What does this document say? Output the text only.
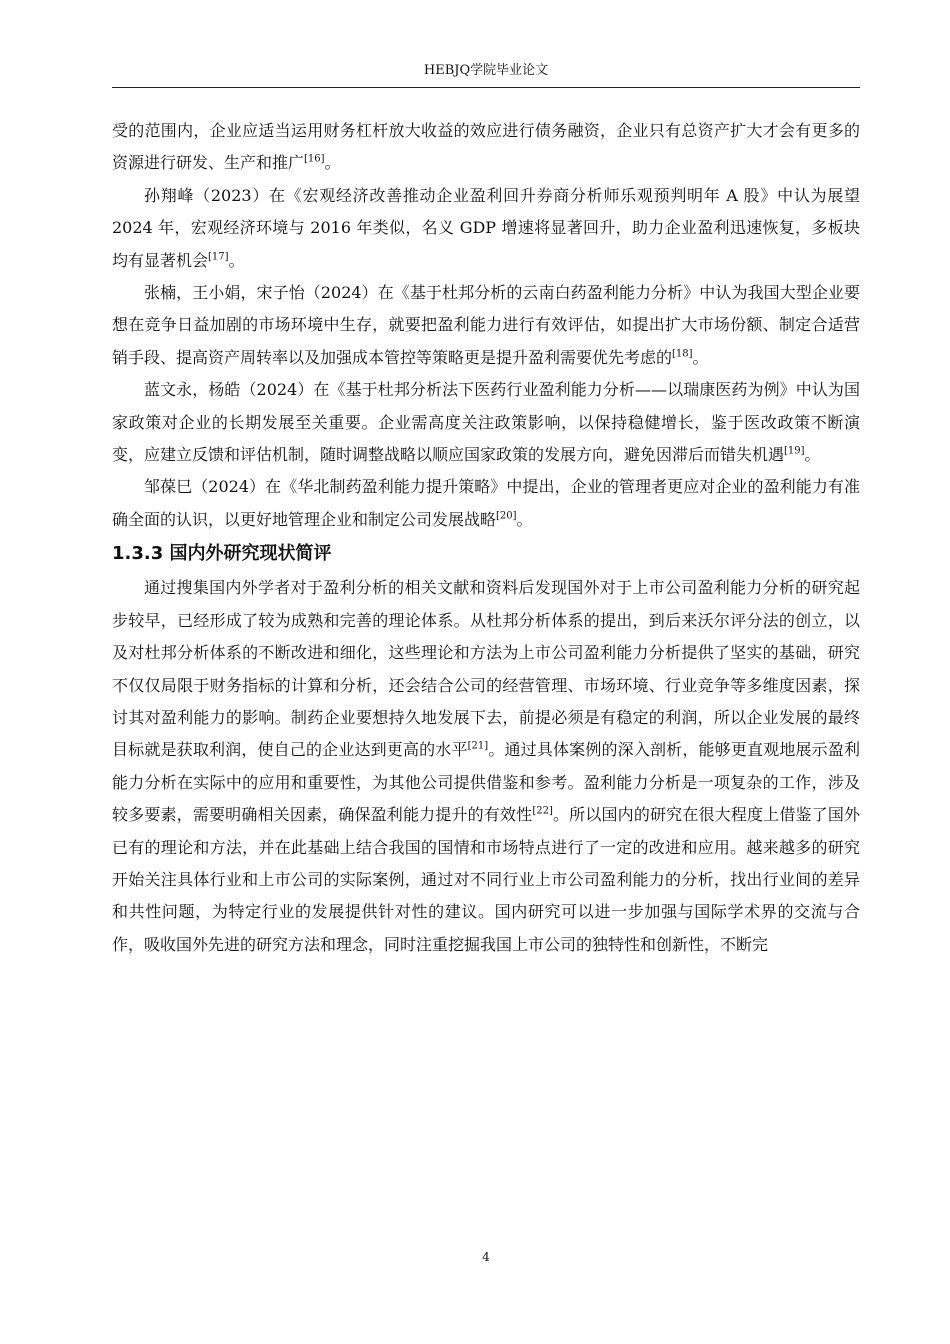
HEBJQ学院毕业论文

受的范围内，企业应适当运用财务杠杆放大收益的效应进行债务融资，企业只有总资产扩大才会有更多的资源进行研发、生产和推广[16]。

孙翔峰（2023）在《宏观经济改善推动企业盈利回升券商分析师乐观预判明年 A 股》中认为展望 2024 年，宏观经济环境与 2016 年类似，名义 GDP 增速将显著回升，助力企业盈利迅速恢复，多板块均有显著机会[17]。

张楠，王小娟，宋子怡（2024）在《基于杜邦分析的云南白药盈利能力分析》中认为我国大型企业要想在竞争日益加剧的市场环境中生存，就要把盈利能力进行有效评估，如提出扩大市场份额、制定合适营销手段、提高资产周转率以及加强成本管控等策略更是提升盈利需要优先考虑的[18]。

蓝文永，杨皓（2024）在《基于杜邦分析法下医药行业盈利能力分析——以瑞康医药为例》中认为国家政策对企业的长期发展至关重要。企业需高度关注政策影响，以保持稳健增长，鉴于医改政策不断演变，应建立反馈和评估机制，随时调整战略以顺应国家政策的发展方向，避免因滞后而错失机遇[19]。

邹葆巳（2024）在《华北制药盈利能力提升策略》中提出，企业的管理者更应对企业的盈利能力有准确全面的认识，以更好地管理企业和制定公司发展战略[20]。

1.3.3 国内外研究现状简评

通过搜集国内外学者对于盈利分析的相关文献和资料后发现国外对于上市公司盈利能力分析的研究起步较早，已经形成了较为成熟和完善的理论体系。从杜邦分析体系的提出，到后来沃尔评分法的创立，以及对杜邦分析体系的不断改进和细化，这些理论和方法为上市公司盈利能力分析提供了坚实的基础，研究不仅仅局限于财务指标的计算和分析，还会结合公司的经营管理、市场环境、行业竞争等多维度因素，探讨其对盈利能力的影响。制药企业要想持久地发展下去，前提必须是有稳定的利润，所以企业发展的最终目标就是获取利润，使自己的企业达到更高的水平[21]。通过具体案例的深入剖析，能够更直观地展示盈利能力分析在实际中的应用和重要性，为其他公司提供借鉴和参考。盈利能力分析是一项复杂的工作，涉及较多要素，需要明确相关因素，确保盈利能力提升的有效性[22]。所以国内的研究在很大程度上借鉴了国外已有的理论和方法，并在此基础上结合我国的国情和市场特点进行了一定的改进和应用。越来越多的研究开始关注具体行业和上市公司的实际案例，通过对不同行业上市公司盈利能力的分析，找出行业间的差异和共性问题，为特定行业的发展提供针对性的建议。国内研究可以进一步加强与国际学术界的交流与合作，吸收国外先进的研究方法和理念，同时注重挖掘我国上市公司的独特性和创新性，不断完

4
